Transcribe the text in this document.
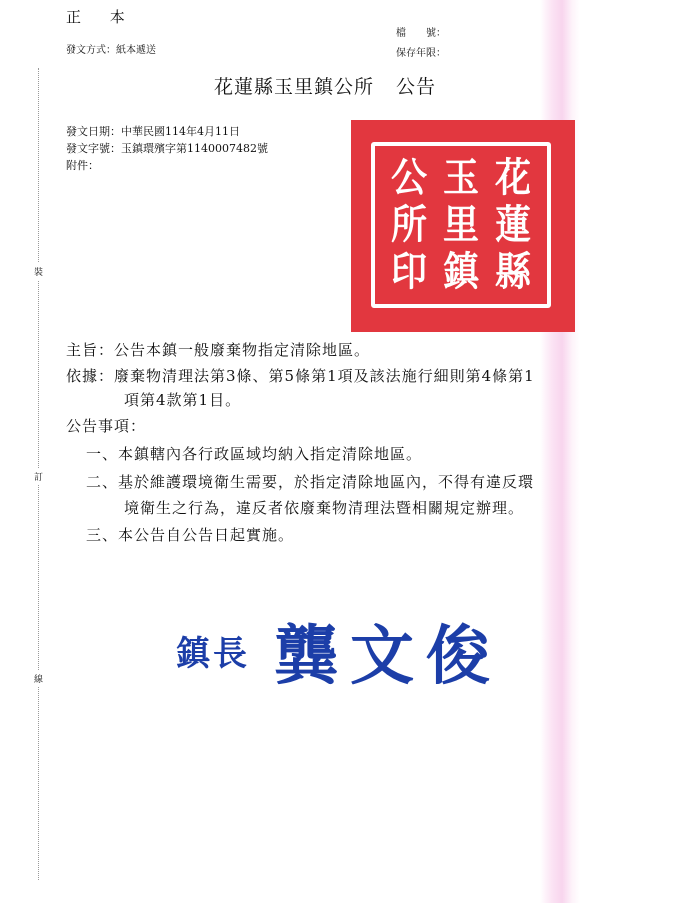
正 本
發文方式：紙本遞送
檔　　號：
保存年限：
花蓮縣玉里鎮公所 公告
發文日期：中華民國114年4月11日
發文字號：玉鎮環殯字第1140007482號
附件：
裝
訂
線
花
蓮
縣
玉
里
鎮
公
所
印
主旨：公告本鎮一般廢棄物指定清除地區。
依據：廢棄物清理法第3條、第5條第1項及該法施行細則第4條第1
項第4款第1目。
公告事項：
一、本鎮轄內各行政區域均納入指定清除地區。
二、基於維護環境衛生需要，於指定清除地區內，不得有違反環
境衛生之行為，違反者依廢棄物清理法暨相關規定辦理。
三、本公告自公告日起實施。
鎮長 龔文俊
